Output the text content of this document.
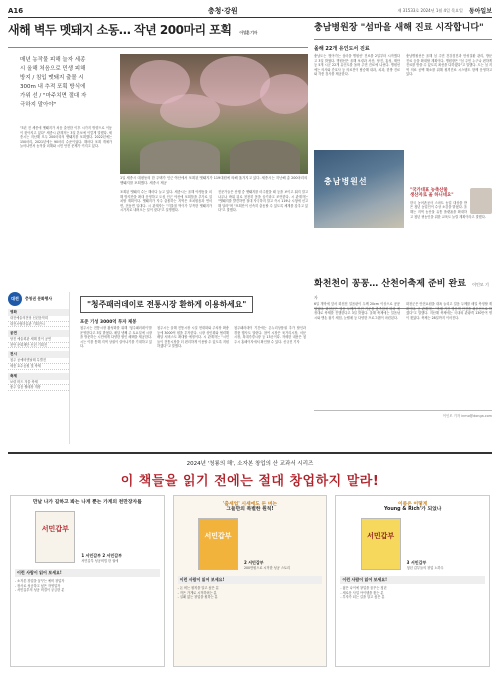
A16	충청·강원	제 31533호 2024년 1월 4일 목요일 동아일보
새해 벽두 멧돼지 소동… 작년 200마리 포획 이성훈 기자
매년 농작물 피해 늘자 세종시 올해 처음으로 민생 피해 방지 / 침입 맷돼지 출몰 시 300m 내 추적 포획 방식에 가위 선 / "마주치면 절대 자극하지 말아야"
1일 세종시 대평동의 한 주택가 인근 야산에서 포획된 멧돼지가 119대원에 의해 옮겨지고 있다. 세종시는 지난해 총 200마리의 멧돼지를 포획했다. 세종시 제공
"3년 전 세종에 멧돼지가 처음 출현한 이후 시가지 방향으로 이동이 잦아지고 있다" 세종시 관계자는 3일 본보에 이렇게 말했다. 세종시는 지난해 모두 200마리의 멧돼지를 포획했다. 2022년에는 150마리, 2021년에는 90마리 수준이었다. 해마다 포획 개체가 늘어나면서 농작물 피해와 시민 안전 문제가 커지고 있다.
포획된 멧돼지 수는 해마다 늘고 있다. 세종시는 올해 야생동물 피해 방지단을 확대 운영하고 도심 인근 야산에 포획틀을 추가로 설치할 계획이다. 멧돼지가 자주 출몰하는 지역은 조치원읍과 연서면, 전동면 일대다. 시 관계자는 "겨울철 먹이가 부족한 멧돼지가 시가지로 내려오는 일이 잦다"고 설명했다.
전문가들은 산행 중 멧돼지를 마주쳤을 때 등을 보이고 뛰지 말고 나무나 바위 뒤로 천천히 몸을 숨기라고 조언한다. 시 관계자는 "멧돼지를 발견하면 절대 자극하지 말고 즉시 119나 시청에 신고해 달라"며 "포획단이 신속히 출동할 수 있도록 체계를 갖추고 있다"고 말했다.
충남병원장 "섬마을 새해 진료 시작합니다"
올해 22개 유인도서 진료
충남도는 '찾아가는 섬마을 병원선' 진료를 2일부터 시작했다고 3일 밝혔다. 병원선은 올해 보령과 서산, 당진, 홍성, 태안 등 5개 시군 22개 유인도를 돌며 주민 진료에 나선다. 병원선에는 의사와 간호사 등 의료진이 탑승해 내과, 치과, 한방 진료와 각종 검사를 제공한다.
충남병원선은 올해 섬 주민 건강검진과 만성질환 관리, 방문 진료 등을 확대할 계획이다. 병원장은 "섬 주민 누구나 편하게 진료를 받을 수 있도록 최선을 다하겠다"고 말했다. 도는 섬 지역 의료 공백 해소를 위해 원격진료 시스템도 함께 운영하고 있다.
충남병원선
"국가대표 농축산물
생산자로 올 하니네요"
한국 농어촌공사 스마트 농업 대상을 받은 청년 농업인이 수상 소감을 밝혔다. 올해는 지역 농산물 유통 플랫폼을 확대하고 청년 귀농인을 위한 교육도 늘릴 계획이라고 말했다.
화천천이 꽁꽁… 산천어축제 준비 완료 이인모 기자
6일 개막에 앞서 화천천 얼음판이 두께 20cm 이상으로 꽁꽁 얼었다. 화천군은 얼음 두께가 안전 기준을 충족함에 따라 예정대로 축제를 진행한다고 3일 밝혔다. 올해 축제에는 얼음낚시와 맨손 잡기 체험, 눈썰매 등 다양한 프로그램이 마련된다.
화천군은 안전요원을 대폭 늘리고 얼음 두께를 매일 측정할 계획이다. 군 관계자는 "축제 기간 방문객 안전을 최우선으로 하겠다"고 말했다. 지난해 축제에는 국내외 관광객 130만여 명이 찾았다. 축제는 28일까지 이어진다.
이인모 기자 inmo@donga.com
대전	충청권 문화행사
영화
대전예술의전당 신년음악회
대전시립미술관 기획전시
공연
당진 예술회관 새해 맞이 공연
천안 문화재단 신년 기획전
전시
청주 공예비엔날레 특별전
세종 호수공원 빛 축제
축제
보령 머드 겨울 축제
충주 얼음 썰매장 개장
"청주패러데이로 전통시장 환하게 이용하세요"
포준 기성 3000억 투자 제봉
청주시는 전통시장 활성화를 위해 '청주패러데이'를 운영한다고 3일 밝혔다. 매달 넷째 주 토요일에 시장을 방문하는 시민에게 다양한 할인 혜택을 제공한다. 시는 이를 통해 지역 상권이 살아나기를 기대하고 있다.
청주시는 올해 전통시장 시설 현대화와 주차장 확충 등에 3000억 원을 투자한다. 시장 상인회와 협력해 배달 서비스도 확대할 예정이다. 시 관계자는 "시민들이 전통시장을 더 편리하게 이용할 수 있도록 지원하겠다"고 말했다.
청주패러데이 기간에는 온누리상품권 추가 할인과 경품 행사도 열린다. 참여 시장은 육거리시장, 서문시장, 복대가경시장 등 13곳이다. 자세한 내용은 청주시 홈페이지에서 확인할 수 있다. 신규진 기자
2024년 '청룡의 해', 소자본 창업의 산 교과서 시리즈
이 책들을 읽기 전에는 절대 창업하지 말라!
만날 나가 길하고 봐는 나게 뿐는 가게의 천만장자를
서민갑부
1 서민갑부 2 서민갑부
서민갑부 성공비법 한 권에
이런 사람이 읽어 보세요!
- 소자본 창업을 꿈꾸는 예비 창업자
- 장사로 성공하고 싶은 자영업자
- 서민갑부의 성공 비결이 궁금한 분
'출세업' 시세에도 돈 버는
그들만의 특별한 원칙!
서민갑부
2 서민갑부
200만원으로 시작한 성공 스토리
이런 사람이 읽어 보세요!
- 돈 버는 원칙을 알고 싶은 분
- 작은 가게로 시작하려는 분
- 실패 없는 창업을 원하는 분
이름은 어떻게
Young & Rich'가 되었나
서민갑부
3 서민갑부
청년 갑부들의 창업 노하우
이런 사람이 읽어 보세요!
- 젊은 나이에 창업을 꿈꾸는 청년
- 새로운 사업 아이템을 찾는 분
- 부자가 되는 길을 알고 싶은 분
